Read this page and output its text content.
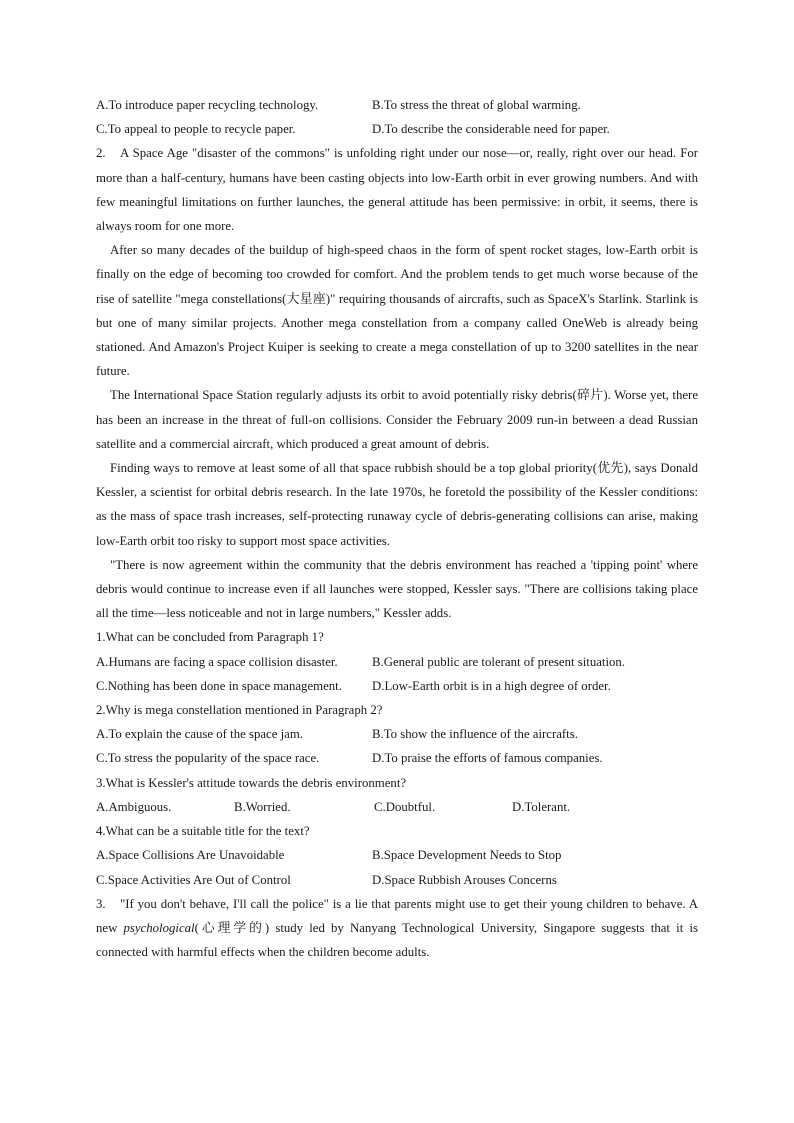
A.To introduce paper recycling technology.	B.To stress the threat of global warming.
C.To appeal to people to recycle paper.	D.To describe the considerable need for paper.

2. A Space Age "disaster of the commons" is unfolding right under our nose—or, really, right over our head. For more than a half-century, humans have been casting objects into low-Earth orbit in ever growing numbers. And with few meaningful limitations on further launches, the general attitude has been permissive: in orbit, it seems, there is always room for one more.

After so many decades of the buildup of high-speed chaos in the form of spent rocket stages, low-Earth orbit is finally on the edge of becoming too crowded for comfort. And the problem tends to get much worse because of the rise of satellite "mega constellations(大星座)" requiring thousands of aircrafts, such as SpaceX's Starlink. Starlink is but one of many similar projects. Another mega constellation from a company called OneWeb is already being stationed. And Amazon's Project Kuiper is seeking to create a mega constellation of up to 3200 satellites in the near future.

The International Space Station regularly adjusts its orbit to avoid potentially risky debris(碎片). Worse yet, there has been an increase in the threat of full-on collisions. Consider the February 2009 run-in between a dead Russian satellite and a commercial aircraft, which produced a great amount of debris.

Finding ways to remove at least some of all that space rubbish should be a top global priority(优先), says Donald Kessler, a scientist for orbital debris research. In the late 1970s, he foretold the possibility of the Kessler conditions: as the mass of space trash increases, self-protecting runaway cycle of debris-generating collisions can arise, making low-Earth orbit too risky to support most space activities.

"There is now agreement within the community that the debris environment has reached a 'tipping point' where debris would continue to increase even if all launches were stopped, Kessler says. "There are collisions taking place all the time—less noticeable and not in large numbers," Kessler adds.

1.What can be concluded from Paragraph 1?
A.Humans are facing a space collision disaster.	B.General public are tolerant of present situation.
C.Nothing has been done in space management.	D.Low-Earth orbit is in a high degree of order.
2.Why is mega constellation mentioned in Paragraph 2?
A.To explain the cause of the space jam.	B.To show the influence of the aircrafts.
C.To stress the popularity of the space race.	D.To praise the efforts of famous companies.
3.What is Kessler's attitude towards the debris environment?
A.Ambiguous.	B.Worried.	C.Doubtful.	D.Tolerant.
4.What can be a suitable title for the text?
A.Space Collisions Are Unavoidable	B.Space Development Needs to Stop
C.Space Activities Are Out of Control	D.Space Rubbish Arouses Concerns

3. "If you don't behave, I'll call the police" is a lie that parents might use to get their young children to behave. A new psychological(心理学的) study led by Nanyang Technological University, Singapore suggests that it is connected with harmful effects when the children become adults.
